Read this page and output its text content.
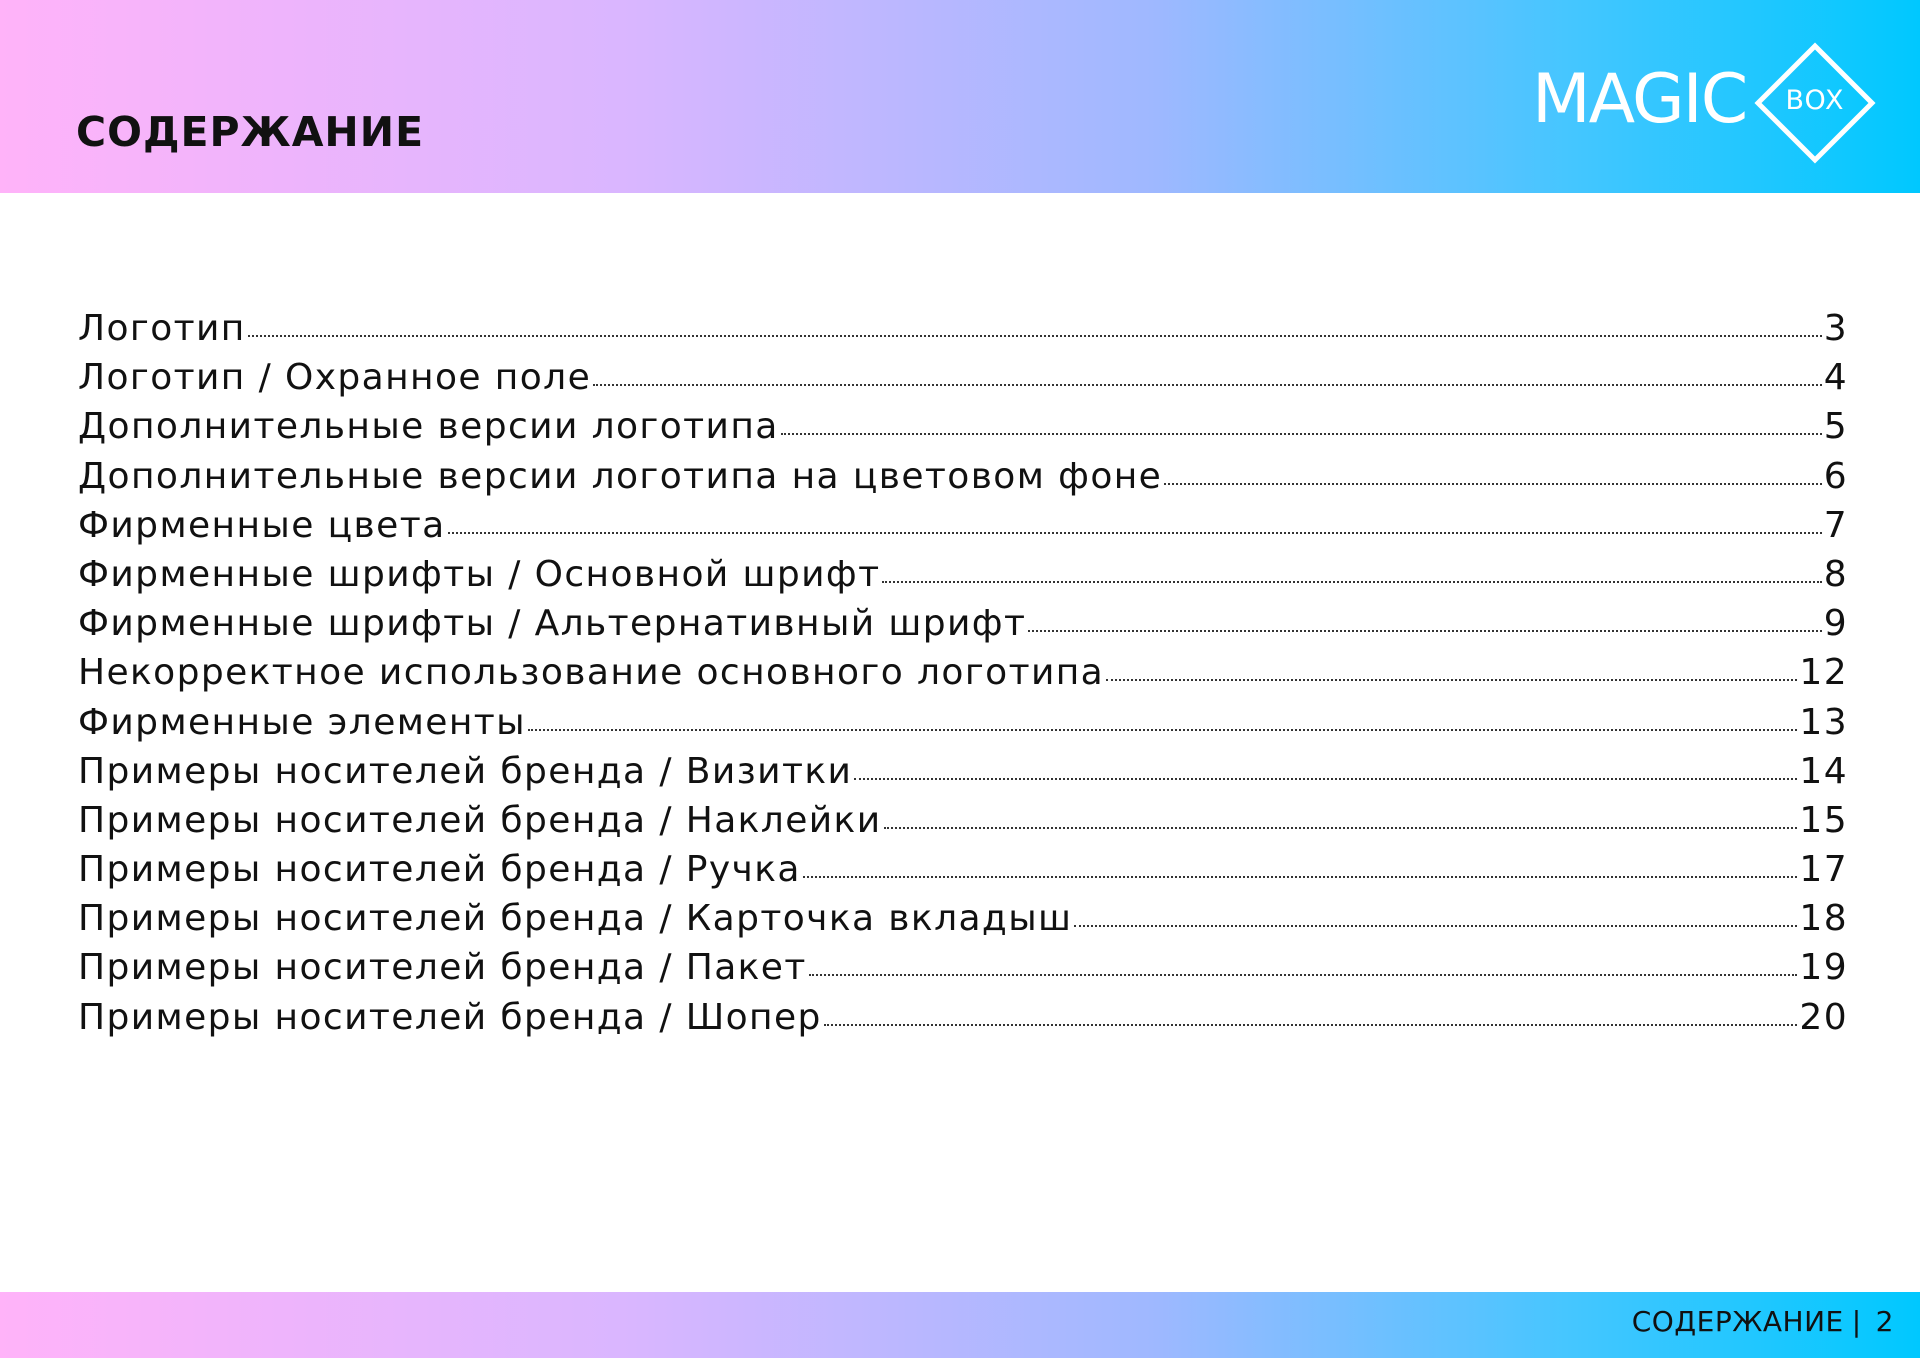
СОДЕРЖАНИЕ	MAGIC	BOX
Логотип	3
Логотип / Охранное поле	4
Дополнительные версии логотипа	5
Дополнительные версии логотипа на цветовом фоне	6
Фирменные цвета	7
Фирменные шрифты / Основной шрифт	8
Фирменные шрифты / Альтернативный шрифт	9
Некорректное использование основного логотипа	12
Фирменные элементы	13
Примеры носителей бренда / Визитки	14
Примеры носителей бренда / Наклейки	15
Примеры носителей бренда / Ручка	17
Примеры носителей бренда / Карточка вкладыш	18
Примеры носителей бренда / Пакет	19
Примеры носителей бренда / Шопер	20
СОДЕРЖАНИЕ | 2
